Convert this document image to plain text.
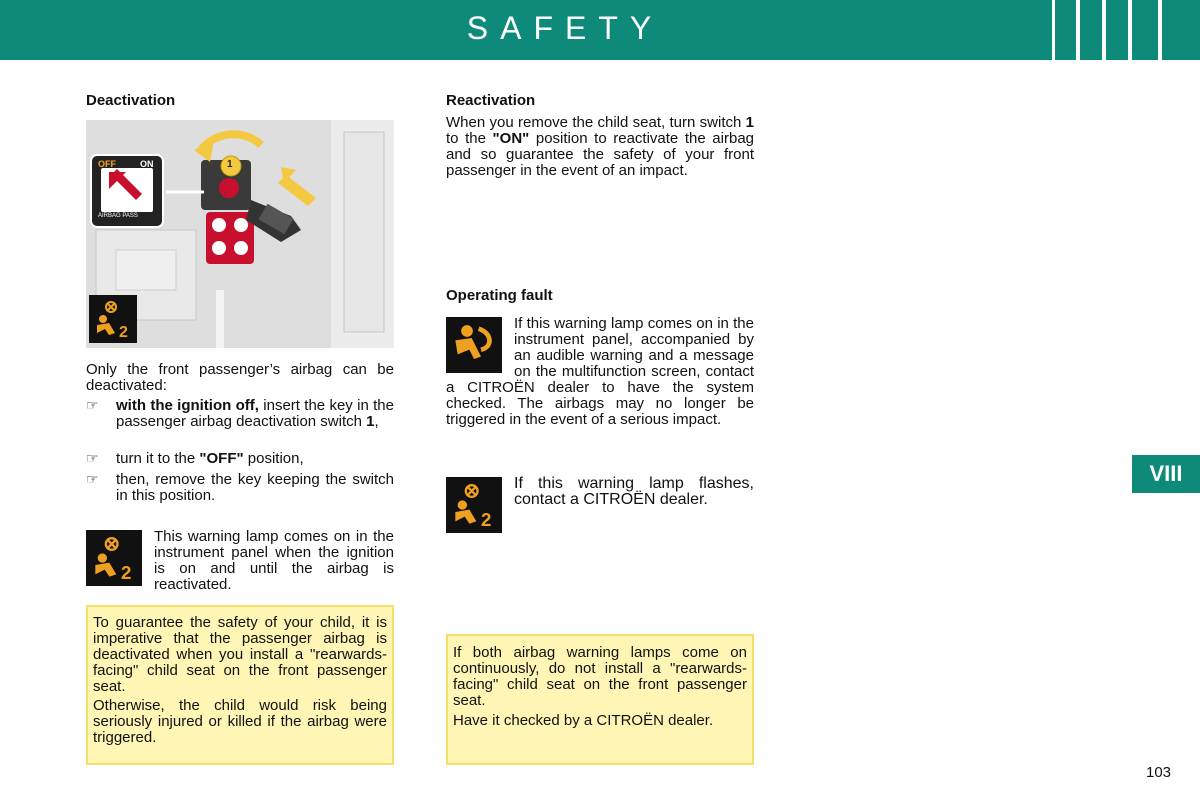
SAFETY
VIII
Deactivation
OFF	ON
AIRBAG PASS
1
2
Only the front passenger’s airbag can be deactivated:
☞ with the ignition off, insert the key in the passenger airbag deactivation switch 1,
☞ turn it to the "OFF" position,
☞ then, remove the key keeping the switch in this position.
2
This warning lamp comes on in the instrument panel when the ignition is on and until the airbag is reactivated.
To guarantee the safety of your child, it is imperative that the passenger airbag is deactivated when you install a "rearwards-facing" child seat on the front passenger seat.
Otherwise, the child would risk being seriously injured or killed if the airbag were triggered.
Reactivation
When you remove the child seat, turn switch 1 to the "ON" position to reactivate the airbag and so guarantee the safety of your front passenger in the event of an impact.
Operating fault
If this warning lamp comes on in the instrument panel, accompanied by an audible warning and a message on the multifunction screen, contact a CITROËN dealer to have the system checked. The airbags may no longer be triggered in the event of a serious impact.
2
If this warning lamp flashes, contact a CITROËN dealer.
If both airbag warning lamps come on continuously, do not install a "rearwards-facing" child seat on the front passenger seat.
Have it checked by a CITROËN dealer.
103
